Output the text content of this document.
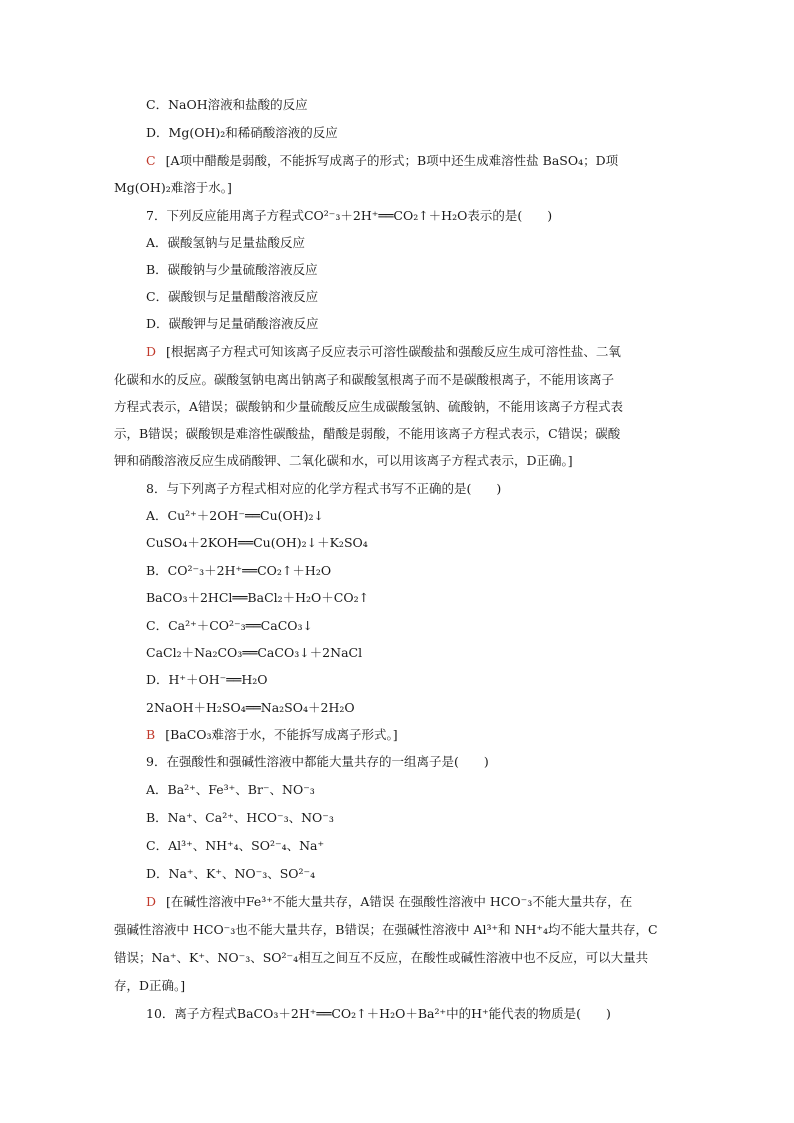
C．NaOH溶液和盐酸的反应
D．Mg(OH)₂和稀硝酸溶液的反应
C [A项中醋酸是弱酸，不能拆写成离子的形式；B项中还生成难溶性盐 BaSO₄；D项
Mg(OH)₂难溶于水。]
7．下列反应能用离子方程式CO²⁻₃＋2H⁺══CO₂↑＋H₂O表示的是(　　)
A．碳酸氢钠与足量盐酸反应
B．碳酸钠与少量硫酸溶液反应
C．碳酸钡与足量醋酸溶液反应
D．碳酸钾与足量硝酸溶液反应
D [根据离子方程式可知该离子反应表示可溶性碳酸盐和强酸反应生成可溶性盐、二氧
化碳和水的反应。碳酸氢钠电离出钠离子和碳酸氢根离子而不是碳酸根离子，不能用该离子
方程式表示，A错误；碳酸钠和少量硫酸反应生成碳酸氢钠、硫酸钠，不能用该离子方程式表
示，B错误；碳酸钡是难溶性碳酸盐，醋酸是弱酸，不能用该离子方程式表示，C错误；碳酸
钾和硝酸溶液反应生成硝酸钾、二氧化碳和水，可以用该离子方程式表示，D正确。]
8．与下列离子方程式相对应的化学方程式书写不正确的是(　　)
A．Cu²⁺＋2OH⁻══Cu(OH)₂↓
CuSO₄＋2KOH══Cu(OH)₂↓＋K₂SO₄
B．CO²⁻₃＋2H⁺══CO₂↑＋H₂O
BaCO₃＋2HCl══BaCl₂＋H₂O＋CO₂↑
C．Ca²⁺＋CO²⁻₃══CaCO₃↓
CaCl₂＋Na₂CO₃══CaCO₃↓＋2NaCl
D．H⁺＋OH⁻══H₂O
2NaOH＋H₂SO₄══Na₂SO₄＋2H₂O
B [BaCO₃难溶于水，不能拆写成离子形式。]
9．在强酸性和强碱性溶液中都能大量共存的一组离子是(　　)
A．Ba²⁺、Fe³⁺、Br⁻、NO⁻₃
B．Na⁺、Ca²⁺、HCO⁻₃、NO⁻₃
C．Al³⁺、NH⁺₄、SO²⁻₄、Na⁺
D．Na⁺、K⁺、NO⁻₃、SO²⁻₄
D [在碱性溶液中Fe³⁺不能大量共存，A错误 在强酸性溶液中 HCO⁻₃不能大量共存，在
强碱性溶液中 HCO⁻₃也不能大量共存，B错误；在强碱性溶液中 Al³⁺和 NH⁺₄均不能大量共存，C
错误；Na⁺、K⁺、NO⁻₃、SO²⁻₄相互之间互不反应，在酸性或碱性溶液中也不反应，可以大量共
存，D正确。]
10．离子方程式BaCO₃＋2H⁺══CO₂↑＋H₂O＋Ba²⁺中的H⁺能代表的物质是(　　)
